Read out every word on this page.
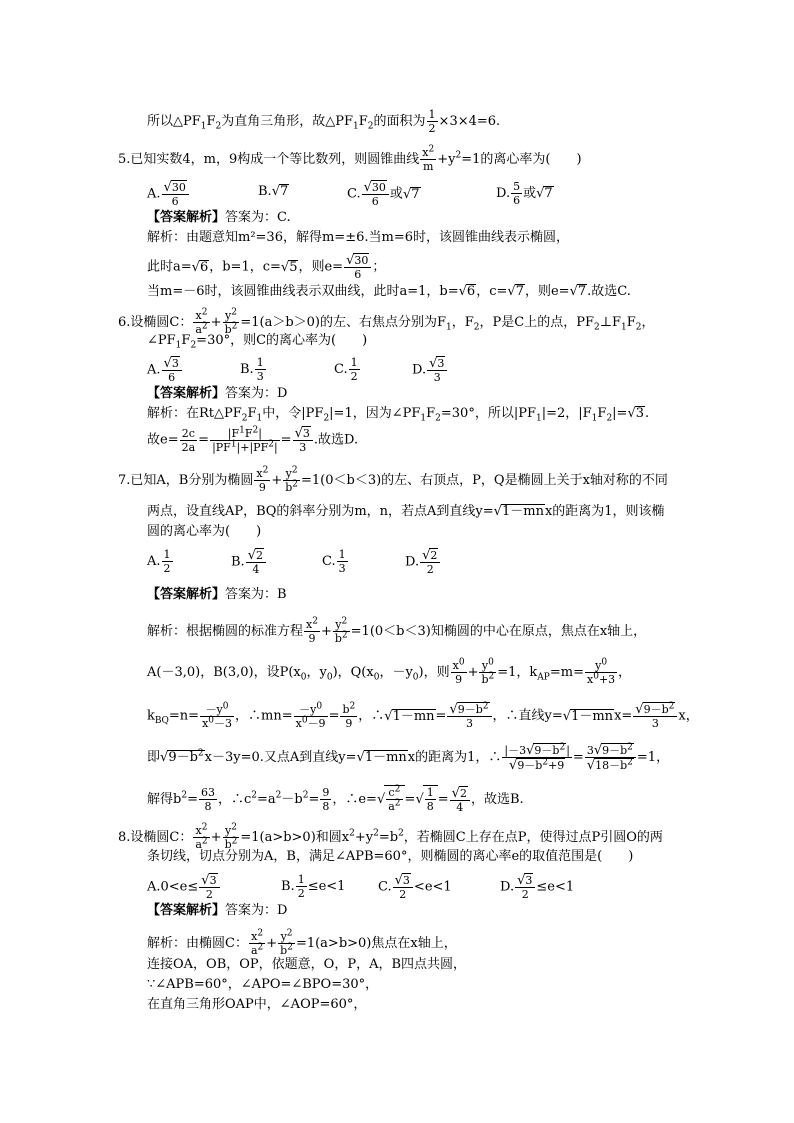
所以$\triangle PF_1F_2$为直角三角形，故$\triangle PF_1F_2$的面积为 $\frac{1}{2} \times 3\times 4=6$.
5.已知实数4，m，9构成一个等比数列，则圆锥曲线 $\frac{x^2}{m} +y^2=1$的离心率为(　　)
A. $\frac{√30}{6}$	B.√7	C. $\frac{√30}{6}$ 或√7	D. $\frac{5}{6}$ 或√7
【答案解析】答案为：C.
解析：由题意知m²=36，解得m=±6.当m=6时，该圆锥曲线表示椭圆，
此时a=√6，b=1，c=√5，则$e= \frac{√30}{6}$ ；
当m=－6时，该圆锥曲线表示双曲线，此时a=1，b=√6，c=√7，则e=√7.故选C.
6.设椭圆C： $\frac{x^2}{a^2} + \frac{y^2}{b^2} =1(a>b>0)$的左、右焦点分别为$F_1$，$F_2$，P是C上的点，$PF_2\perp F_1F_2$，
$\angle PF_1F_2=30^\circ$，则C的离心率为(　　)
A. $\frac{√3}{6}$	B. $\frac{1}{3}$	C. $\frac{1}{2}$	D. $\frac{√3}{3}$
【答案解析】答案为：D
解析：在$Rt\triangle PF_2F_1$中，令$|PF_2|=1$，因为$\angle PF_1F_2=30^\circ$，所以$|PF_1|=2$，$|F_1F_2|=√3$.
故$e= \frac{2c}{2a} = \frac{|F^1F^2|}{|PF^1|+|PF^2|} = \frac{√3}{3}$ .故选D.
7.已知A，B分别为椭圆 $\frac{x^2}{9} + \frac{y^2}{b^2} =1(0<b<3)$的左、右顶点，P，Q是椭圆上关于x轴对称的不同
两点，设直线AP，BQ的斜率分别为m，n，若点A到直线y=√1－mnx的距离为1，则该椭
圆的离心率为(　　)
A. $\frac{1}{2}$	B. $\frac{√2}{4}$	C. $\frac{1}{3}$	D. $\frac{√2}{2}$
【答案解析】答案为：B
解析：根据椭圆的标准方程 $\frac{x^2}{9} + \frac{y^2}{b^2} =1(0<b<3)$知椭圆的中心在原点，焦点在x轴上，
A(－3,0)，B(3,0)，设$P(x_0$，$y_0$)，$Q(x_0$，$-y_0$)，则 $\frac{x^0}{9} + \frac{y^0}{b^2} =1$，$k_{AP}=m= \frac{y^0}{x^0+3}$ ，
$k_{BQ}=n= \frac{-y^0}{x^0-3}$ ，∴mn= $\frac{-y^0}{x^0-9} = \frac{b^2}{9}$ ，∴√1－mn= $\frac{√9-b^2}{3}$ ，∴直线$y=√1-mnx= \frac{√9-b^2}{3}$ x，
即$√9-b^2x-3y=0$.又点A到直线y=√1－mnx的距离为1，∴ $\frac{|-3√9-b^2|}{√9-b^2+9} = \frac{3√9-b^2}{√18-b^2} =1$，
解得$b^2= \frac{63}{8}$ ，$\therefore c^2=a^2-b^2= \frac{9}{8}$ ，∴e=√ $\frac{c^2}{a^2}$ =√ $\frac{1}{8} = \frac{√2}{4}$ ，故选B.
8.设椭圆C： $\frac{x^2}{a^2} + \frac{y^2}{b^2} =1(a>b>0)$和圆$x^2+y^2=b^2$，若椭圆C上存在点P，使得过点P引圆O的两
条切线，切点分别为A，B，满足∠APB=60°，则椭圆的离心率e的取值范围是(　　)
$A.0<e\le \frac{√3}{2}$	B. $\frac{1}{2} \le e<1$	C. $\frac{√3}{2} <e<1$	D. $\frac{√3}{2} \le e<1$
【答案解析】答案为：D
解析：由椭圆C： $\frac{x^2}{a^2} + \frac{y^2}{b^2} =1(a>b>0)$焦点在x轴上，
连接OA，OB，OP，依题意，O，P，A，B四点共圆，
∵∠APB=60°，∠APO=∠BPO=30°，
在直角三角形OAP中，∠AOP=60°，
